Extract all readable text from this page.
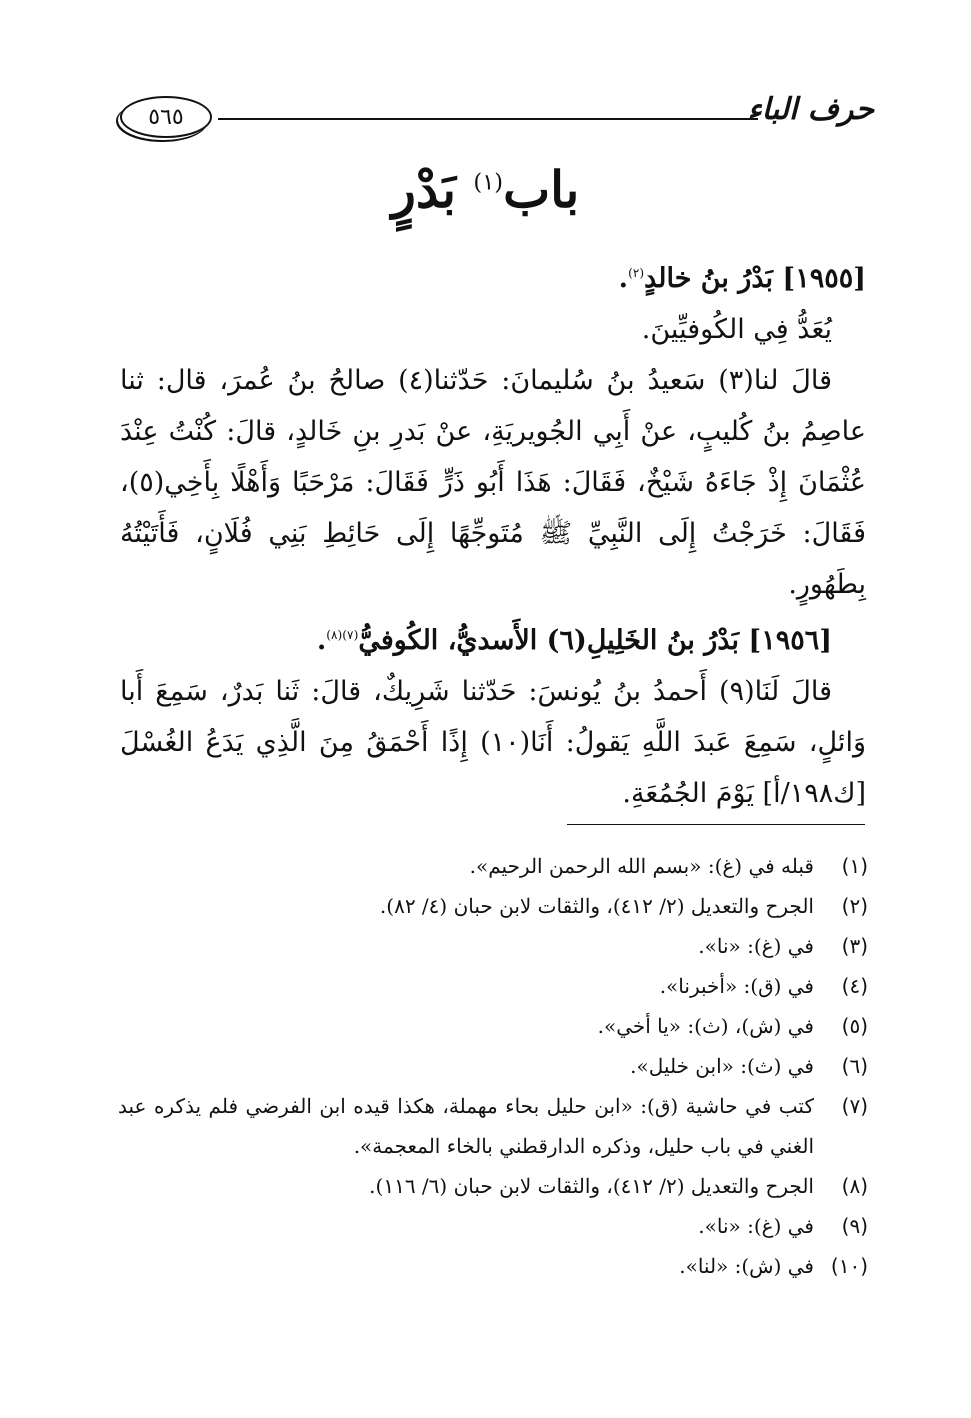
٥٦٥	حرف الباء
باب$^{(١)}$ بَدْرٍ

[١٩٥٥] بَدْرُ بنُ خالدٍ$^{(٢)}$.

يُعَدُّ فِي الكُوفيِّينَ.

قالَ لنا(٣) سَعيدُ بنُ سُليمانَ: حَدّثنا(٤) صالحُ بنُ عُمرَ، قال: ثنا عاصِمُ بنُ كُليبٍ، عنْ أَبِي الجُويريَةِ، عنْ بَدرِ بنِ خَالدٍ، قالَ: كُنْتُ عِنْدَ عُثْمَانَ إِذْ جَاءَهُ شَيْخٌ، فَقَالَ: هَذَا أَبُو ذَرٍّ فَقَالَ: مَرْحَبًا وَأَهْلًا بِأَخِي(٥)، فَقَالَ: خَرَجْتُ إِلَى النَّبِيِّ ﷺ مُتَوجِّهًا إِلَى حَائِطِ بَنِي فُلَانٍ، فَأَتَيْتُهُ بِطَهُورٍ.

[١٩٥٦] بَدْرُ بنُ الخَلِيلِ(٦) الأَسديُّ، الكُوفيُّ$^{(٧)(٨)}$.

قالَ لَنَا(٩) أَحمدُ بنُ يُونسَ: حَدّثنا شَرِيكٌ، قالَ: ثَنا بَدرٌ، سَمِعَ أَبا وَائلٍ، سَمِعَ عَبدَ اللَّهِ يَقولُ: أَنَا(١٠) إِذًا أَحْمَقُ مِنَ الَّذِي يَدَعُ الغُسْلَ [ك١٩٨/أ] يَوْمَ الجُمُعَةِ.

(١)
قبله في (غ): «بسم الله الرحمن الرحيم».
(٢)
الجرح والتعديل (٢/ ٤١٢)، والثقات لابن حبان (٤/ ٨٢).
(٣)
في (غ): «نا».
(٤)
في (ق): «أخبرنا».
(٥)
في (ش)، (ث): «يا أخي».
(٦)
في (ث): «ابن خليل».
(٧)
كتب في حاشية (ق): «ابن حليل بحاء مهملة، هكذا قيده ابن الفرضي فلم يذكره عبد الغني في باب حليل، وذكره الدارقطني بالخاء المعجمة».
(٨)
الجرح والتعديل (٢/ ٤١٢)، والثقات لابن حبان (٦/ ١١٦).
(٩)
في (غ): «نا».
(١٠)
في (ش): «لنا».
